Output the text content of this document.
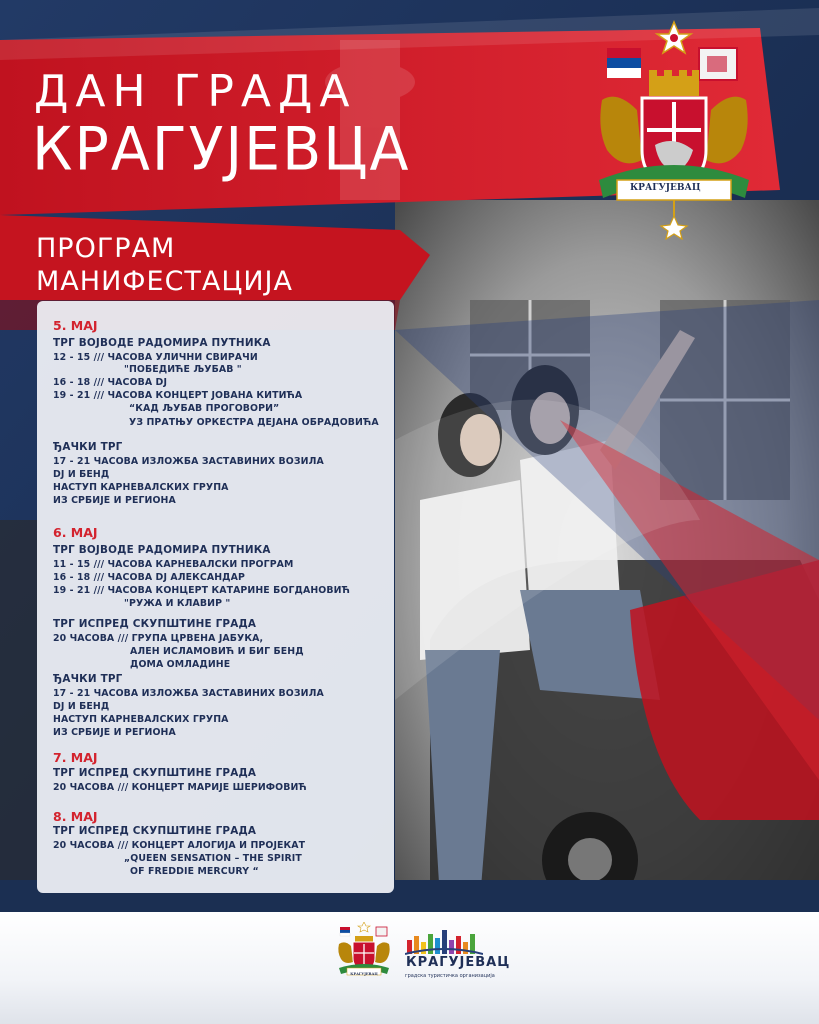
ДАН ГРАДА
КРАГУЈЕВЦА
КРАГУЈЕВАЦ
ПРОГРАМ
МАНИФЕСТАЦИЈА
5. МАЈ
ТРГ ВОЈВОДЕ РАДОМИРА ПУТНИКА
12 - 15 /// ЧАСОВА УЛИЧНИ СВИРАЧИ
"ПОБЕДИЋЕ ЉУБАВ "
16 - 18 /// ЧАСОВА DJ
19 - 21 /// ЧАСОВА КОНЦЕРТ ЈОВАНА КИТИЋА
“КАД ЉУБАВ ПРОГОВОРИ”
УЗ ПРАТЊУ ОРКЕСТРА ДЕЈАНА ОБРАДОВИЋА
ЂАЧКИ ТРГ
17 - 21 ЧАСОВА ИЗЛОЖБА ЗАСТАВИНИХ ВОЗИЛА
DJ И БЕНД
НАСТУП КАРНЕВАЛСКИХ ГРУПА
ИЗ СРБИЈЕ И РЕГИОНА
6. МАЈ
ТРГ ВОЈВОДЕ РАДОМИРА ПУТНИКА
11 - 15 /// ЧАСОВА КАРНЕВАЛСКИ ПРОГРАМ
16 - 18 /// ЧАСОВА DJ АЛЕКСАНДАР
19 - 21 /// ЧАСОВА КОНЦЕРТ КАТАРИНЕ БОГДАНОВИЋ
"РУЖА И КЛАВИР "
ТРГ ИСПРЕД СКУПШТИНЕ ГРАДА
20 ЧАСОВА /// ГРУПА ЦРВЕНА ЈАБУКА,
АЛЕН ИСЛАМОВИЋ И БИГ БЕНД
ДОМА ОМЛАДИНЕ
ЂАЧКИ ТРГ
17 - 21 ЧАСОВА ИЗЛОЖБА ЗАСТАВИНИХ ВОЗИЛА
DJ И БЕНД
НАСТУП КАРНЕВАЛСКИХ ГРУПА
ИЗ СРБИЈЕ И РЕГИОНА
7. МАЈ
ТРГ ИСПРЕД СКУПШТИНЕ ГРАДА
20 ЧАСОВА /// КОНЦЕРТ МАРИЈЕ ШЕРИФОВИЋ
8. МАЈ
ТРГ ИСПРЕД СКУПШТИНЕ ГРАДА
20 ЧАСОВА /// КОНЦЕРТ АЛОГИЈА И ПРОЈЕКАТ
„QUEEN SENSATION – THE SPIRIT
OF FREDDIE MERCURY “
КРАГУЈЕВАЦ
КРАГУЈЕВАЦ
градска туристичка организација
